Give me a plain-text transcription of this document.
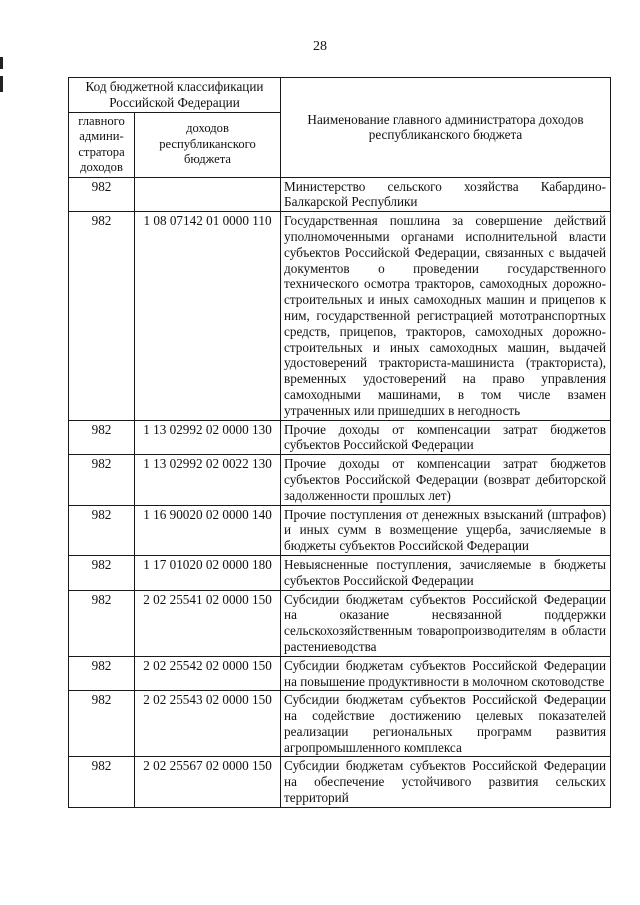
28
Код бюджетной классификации Российской Федерации		Наименование главного администратора доходов республиканского бюджета
главного админи-стратора доходов	доходов республиканского бюджета	
982		Министерство сельского хозяйства Кабардино-Балкарской Республики
982	1 08 07142 01 0000 110	Государственная пошлина за совершение действий уполномоченными органами исполнительной власти субъектов Российской Федерации, связанных с выдачей документов о проведении государственного технического осмотра тракторов, самоходных дорожно-строительных и иных самоходных машин и прицепов к ним, государственной регистрацией мототранспортных средств, прицепов, тракторов, самоходных дорожно-строительных и иных самоходных машин, выдачей удостоверений тракториста-машиниста (тракториста), временных удостоверений на право управления самоходными машинами, в том числе взамен утраченных или пришедших в негодность
982	1 13 02992 02 0000 130	Прочие доходы от компенсации затрат бюджетов субъектов Российской Федерации
982	1 13 02992 02 0022 130	Прочие доходы от компенсации затрат бюджетов субъектов Российской Федерации (возврат дебиторской задолженности прошлых лет)
982	1 16 90020 02 0000 140	Прочие поступления от денежных взысканий (штрафов) и иных сумм в возмещение ущерба, зачисляемые в бюджеты субъектов Российской Федерации
982	1 17 01020 02 0000 180	Невыясненные поступления, зачисляемые в бюджеты субъектов Российской Федерации
982	2 02 25541 02 0000 150	Субсидии бюджетам субъектов Российской Федерации на оказание несвязанной поддержки сельскохозяйственным товаропроизводителям в области растениеводства
982	2 02 25542 02 0000 150	Субсидии бюджетам субъектов Российской Федерации на повышение продуктивности в молочном скотоводстве
982	2 02 25543 02 0000 150	Субсидии бюджетам субъектов Российской Федерации на содействие достижению целевых показателей реализации региональных программ развития агропромышленного комплекса
982	2 02 25567 02 0000 150	Субсидии бюджетам субъектов Российской Федерации на обеспечение устойчивого развития сельских территорий
